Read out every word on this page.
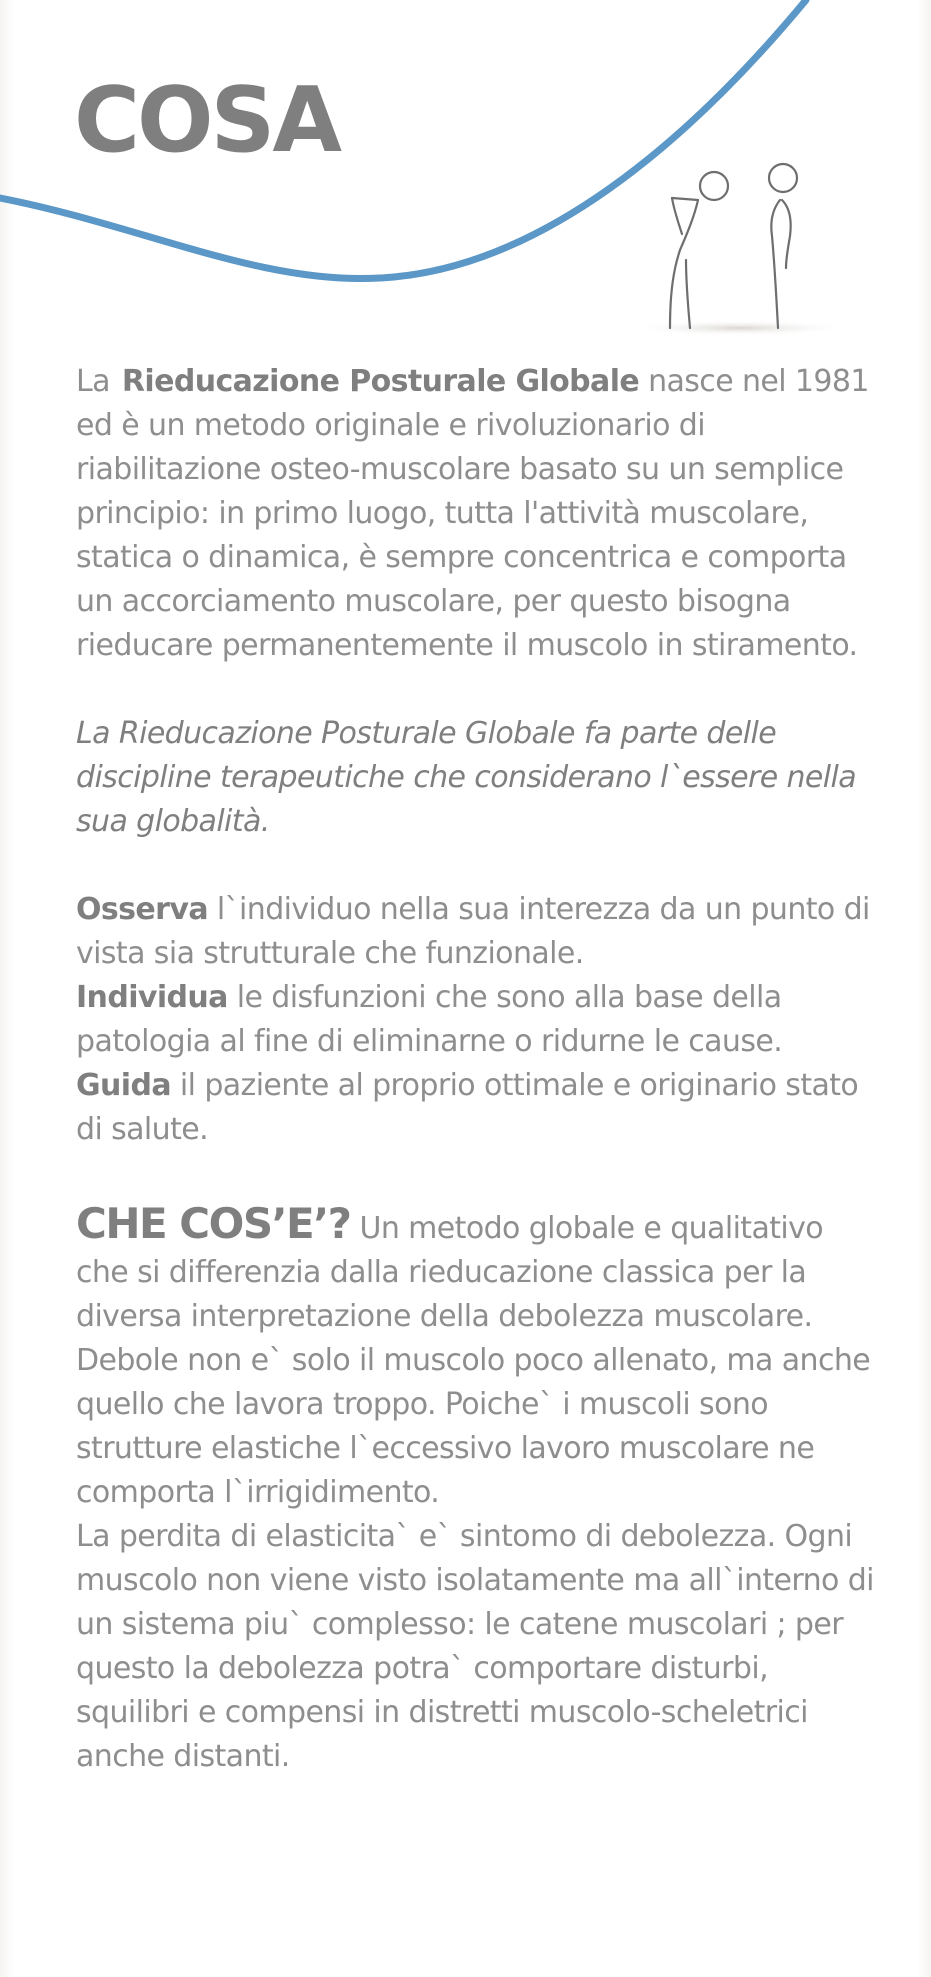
COSA

La Rieducazione Posturale Globale nasce nel 1981 ed è un metodo originale e rivoluzionario di riabilitazione osteo-muscolare basato su un semplice principio: in primo luogo, tutta l'attività muscolare, statica o dinamica, è sempre concentrica e comporta un accorciamento muscolare, per questo bisogna rieducare permanentemente il muscolo in stiramento.

La Rieducazione Posturale Globale fa parte delle discipline terapeutiche che considerano l`essere nella sua globalità.

Osserva l`individuo nella sua interezza da un punto di vista sia strutturale che funzionale.

Individua le disfunzioni che sono alla base della patologia al fine di eliminarne o ridurne le cause.

Guida il paziente al proprio ottimale e originario stato di salute.

CHE COS’E’? Un metodo globale e qualitativo che si differenzia dalla rieducazione classica per la diversa interpretazione della debolezza muscolare. Debole non e` solo il muscolo poco allenato, ma anche quello che lavora troppo. Poiche` i muscoli sono strutture elastiche l`eccessivo lavoro muscolare ne comporta l`irrigidimento.

La perdita di elasticita` e` sintomo di debolezza. Ogni muscolo non viene visto isolatamente ma all`interno di un sistema piu` complesso: le catene muscolari ; per questo la debolezza potra` comportare disturbi, squilibri e compensi in distretti muscolo-scheletrici anche distanti.
